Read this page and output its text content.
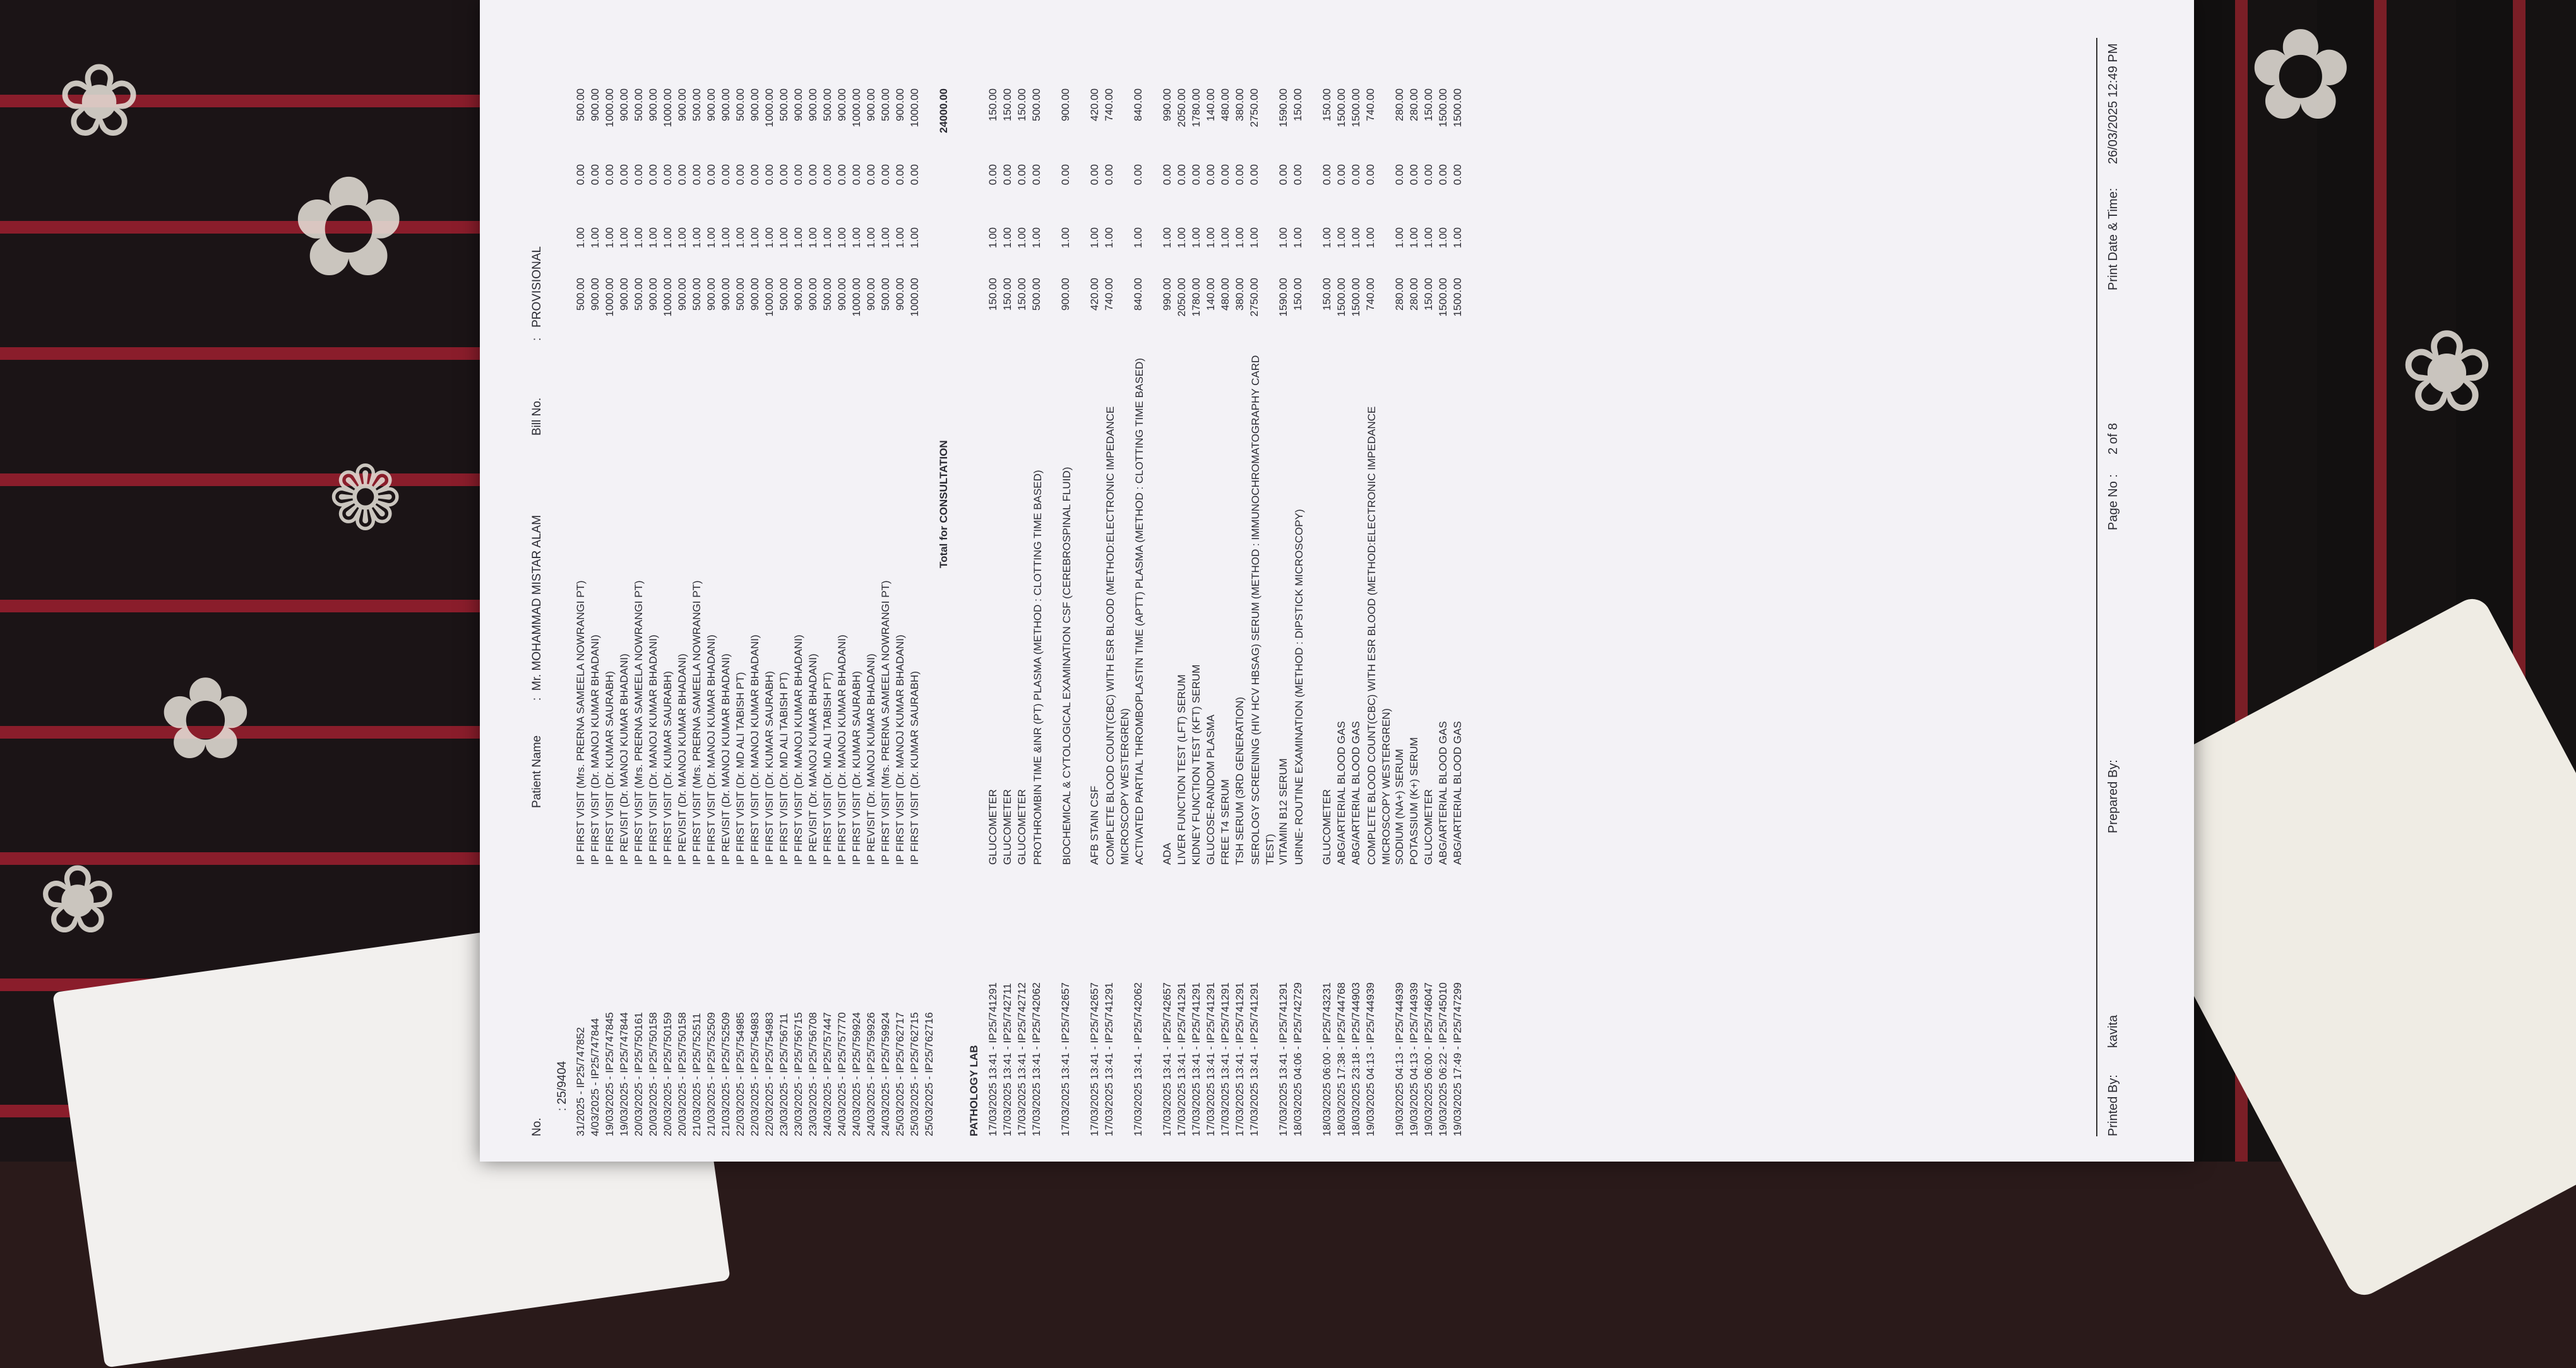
✿
❀
✿
❀
❁
✿
❀
No.
: 25/9404
Patient Name
:  Mr. MOHAMMAD MISTAR ALAM
Bill No.
:   PROVISIONAL
31/2025 - IP25/747852
IP FIRST VISIT (Mrs. PRERNA SAMEELA NOWRANGI PT)
500.00
1.00
0.00
500.00
4/03/2025 - IP25/747844
IP FIRST VISIT (Dr. MANOJ KUMAR BHADANI)
900.00
1.00
0.00
900.00
19/03/2025 - IP25/747845
IP FIRST VISIT (Dr. KUMAR SAURABH)
1000.00
1.00
0.00
1000.00
19/03/2025 - IP25/747844
IP REVISIT (Dr. MANOJ KUMAR BHADANI)
900.00
1.00
0.00
900.00
20/03/2025 - IP25/750161
IP FIRST VISIT (Mrs. PRERNA SAMEELA NOWRANGI PT)
500.00
1.00
0.00
500.00
20/03/2025 - IP25/750158
IP FIRST VISIT (Dr. MANOJ KUMAR BHADANI)
900.00
1.00
0.00
900.00
20/03/2025 - IP25/750159
IP FIRST VISIT (Dr. KUMAR SAURABH)
1000.00
1.00
0.00
1000.00
20/03/2025 - IP25/750158
IP REVISIT (Dr. MANOJ KUMAR BHADANI)
900.00
1.00
0.00
900.00
21/03/2025 - IP25/752511
IP FIRST VISIT (Mrs. PRERNA SAMEELA NOWRANGI PT)
500.00
1.00
0.00
500.00
21/03/2025 - IP25/752509
IP FIRST VISIT (Dr. MANOJ KUMAR BHADANI)
900.00
1.00
0.00
900.00
21/03/2025 - IP25/752509
IP REVISIT (Dr. MANOJ KUMAR BHADANI)
900.00
1.00
0.00
900.00
22/03/2025 - IP25/754985
IP FIRST VISIT (Dr. MD ALI TABISH PT)
500.00
1.00
0.00
500.00
22/03/2025 - IP25/754983
IP FIRST VISIT (Dr. MANOJ KUMAR BHADANI)
900.00
1.00
0.00
900.00
22/03/2025 - IP25/754983
IP FIRST VISIT (Dr. KUMAR SAURABH)
1000.00
1.00
0.00
1000.00
23/03/2025 - IP25/756711
IP FIRST VISIT (Dr. MD ALI TABISH PT)
500.00
1.00
0.00
500.00
23/03/2025 - IP25/756715
IP FIRST VISIT (Dr. MANOJ KUMAR BHADANI)
900.00
1.00
0.00
900.00
23/03/2025 - IP25/756708
IP REVISIT (Dr. MANOJ KUMAR BHADANI)
900.00
1.00
0.00
900.00
24/03/2025 - IP25/757447
IP FIRST VISIT (Dr. MD ALI TABISH PT)
500.00
1.00
0.00
500.00
24/03/2025 - IP25/757770
IP FIRST VISIT (Dr. MANOJ KUMAR BHADANI)
900.00
1.00
0.00
900.00
24/03/2025 - IP25/759924
IP FIRST VISIT (Dr. KUMAR SAURABH)
1000.00
1.00
0.00
1000.00
24/03/2025 - IP25/759926
IP REVISIT (Dr. MANOJ KUMAR BHADANI)
900.00
1.00
0.00
900.00
24/03/2025 - IP25/759924
IP FIRST VISIT (Mrs. PRERNA SAMEELA NOWRANGI PT)
500.00
1.00
0.00
500.00
25/03/2025 - IP25/762717
IP FIRST VISIT (Dr. MANOJ KUMAR BHADANI)
900.00
1.00
0.00
900.00
25/03/2025 - IP25/762715
IP FIRST VISIT (Dr. KUMAR SAURABH)
1000.00
1.00
0.00
1000.00
25/03/2025 - IP25/762716
Total for CONSULTATION
24000.00
PATHOLOGY LAB 17/03/2025 13:41 - IP25/741291
GLUCOMETER
150.00
1.00
0.00
150.00
17/03/2025 13:41 - IP25/742711
GLUCOMETER
150.00
1.00
0.00
150.00
17/03/2025 13:41 - IP25/742712
GLUCOMETER
150.00
1.00
0.00
150.00
17/03/2025 13:41 - IP25/742062
PROTHROMBIN TIME &INR (PT) PLASMA (METHOD : CLOTTING TIME BASED)
500.00
1.00
0.00
500.00
17/03/2025 13:41 - IP25/742657
BIOCHEMICAL & CYTOLOGICAL EXAMINATION CSF (CEREBROSPINAL FLUID)
900.00
1.00
0.00
900.00
17/03/2025 13:41 - IP25/742657
AFB STAIN CSF
420.00
1.00
0.00
420.00
17/03/2025 13:41 - IP25/741291
COMPLETE BLOOD COUNT(CBC) WITH ESR BLOOD (METHOD:ELECTRONIC IMPEDANCE MICROSCOPY WESTERGREN)
740.00
1.00
0.00
740.00
17/03/2025 13:41 - IP25/742062
ACTIVATED PARTIAL THROMBOPLASTIN TIME (APTT) PLASMA (METHOD : CLOTTING TIME BASED)
840.00
1.00
0.00
840.00
17/03/2025 13:41 - IP25/742657
ADA
990.00
1.00
0.00
990.00
17/03/2025 13:41 - IP25/741291
LIVER FUNCTION TEST (LFT) SERUM
2050.00
1.00
0.00
2050.00
17/03/2025 13:41 - IP25/741291
KIDNEY FUNCTION TEST (KFT) SERUM
1780.00
1.00
0.00
1780.00
17/03/2025 13:41 - IP25/741291
GLUCOSE-RANDOM PLASMA
140.00
1.00
0.00
140.00
17/03/2025 13:41 - IP25/741291
FREE T4 SERUM
480.00
1.00
0.00
480.00
17/03/2025 13:41 - IP25/741291
TSH SERUM (3RD GENERATION)
380.00
1.00
0.00
380.00
17/03/2025 13:41 - IP25/741291
SEROLOGY SCREENING (HIV HCV HBSAG) SERUM (METHOD : IMMUNOCHROMATOGRAPHY CARD TEST)
2750.00
1.00
0.00
2750.00
17/03/2025 13:41 - IP25/741291
VITAMIN B12 SERUM
1590.00
1.00
0.00
1590.00
18/03/2025 04:06 - IP25/742729
URINE- ROUTINE EXAMINATION (METHOD : DIPSTICK MICROSCOPY)
150.00
1.00
0.00
150.00
18/03/2025 06:00 - IP25/743231
GLUCOMETER
150.00
1.00
0.00
150.00
18/03/2025 17:38 - IP25/744768
ABG/ARTERIAL BLOOD GAS
1500.00
1.00
0.00
1500.00
18/03/2025 23:18 - IP25/744903
ABG/ARTERIAL BLOOD GAS
1500.00
1.00
0.00
1500.00
19/03/2025 04:13 - IP25/744939
COMPLETE BLOOD COUNT(CBC) WITH ESR BLOOD (METHOD:ELECTRONIC IMPEDANCE MICROSCOPY WESTERGREN)
740.00
1.00
0.00
740.00
19/03/2025 04:13 - IP25/744939
SODIUM (NA+) SERUM
280.00
1.00
0.00
280.00
19/03/2025 04:13 - IP25/744939
POTASSIUM (K+) SERUM
280.00
1.00
0.00
280.00
19/03/2025 06:00 - IP25/746047
GLUCOMETER
150.00
1.00
0.00
150.00
19/03/2025 06:22 - IP25/745010
ABG/ARTERIAL BLOOD GAS
1500.00
1.00
0.00
1500.00
19/03/2025 17:49 - IP25/747299
ABG/ARTERIAL BLOOD GAS
1500.00
1.00
0.00
1500.00
Printed By:
kavita
Prepared By:
Page No :
2 of 8
Print Date & Time:
26/03/2025 12:49 PM
